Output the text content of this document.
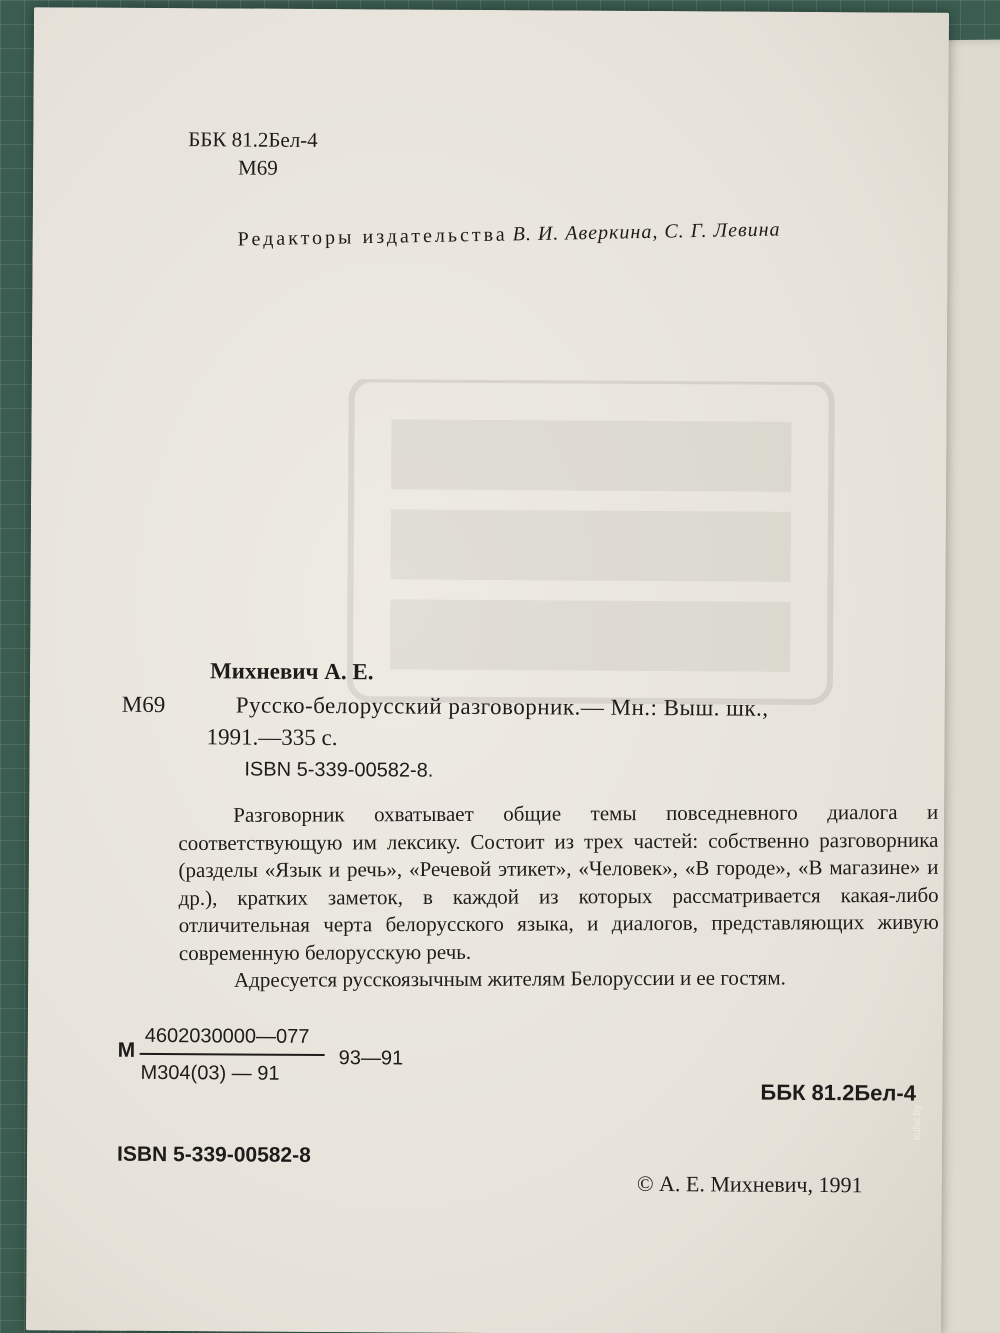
ББК 81.2Бел-4
М69
Редакторы издательства В. И. Аверкина, С. Г. Левина
Михневич А. Е.
М69	Русско-белорусский разговорник.— Мн.: Выш. шк.,
1991.—335 с.
ISBN 5-339-00582-8.

Разговорник охватывает общие темы повседневного диалога и соответствующую им лексику. Состоит из трех частей: собственно разговорника (разделы «Язык и речь», «Речевой этикет», «Человек», «В городе», «В магазине» и др.), кратких заметок, в каждой из которых рассматривается какая-либо отличительная черта белорусского языка, и диалогов, представляющих живую современную белорусскую речь.

Адресуется русскоязычным жителям Белоруссии и ее гостям.

М
4602030000—077
М304(03) — 91
93—91
ББК 81.2Бел-4
ISBN 5-339-00582-8
© А. Е. Михневич, 1991
kufar.by
